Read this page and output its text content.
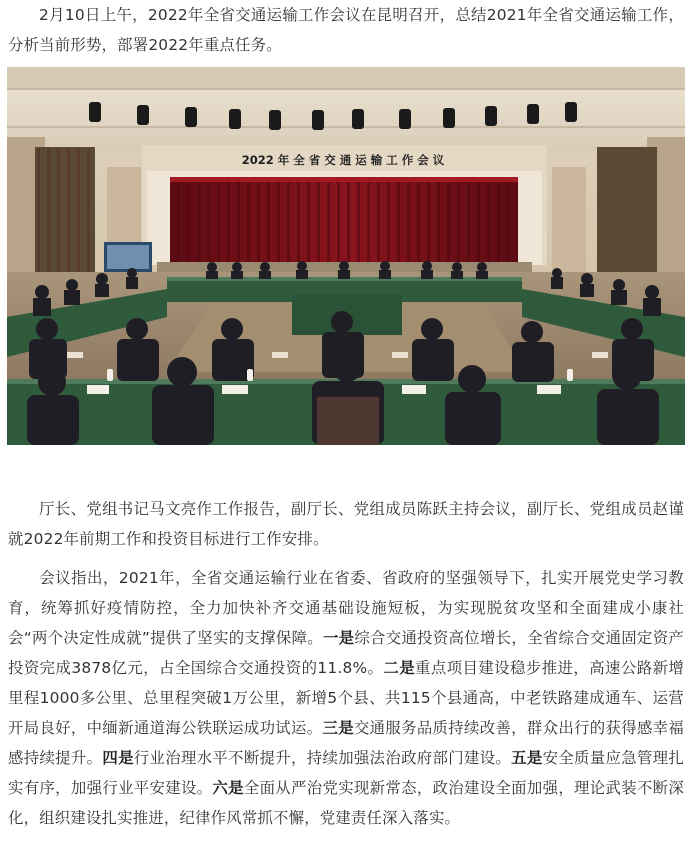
2月10日上午，2022年全省交通运输工作会议在昆明召开，总结2021年全省交通运输工作，分析当前形势，部署2022年重点任务。

2022 年 全 省 交 通 运 输 工 作 会 议

厅长、党组书记马文亮作工作报告，副厅长、党组成员陈跃主持会议，副厅长、党组成员赵谨就2022年前期工作和投资目标进行工作安排。

会议指出，2021年，全省交通运输行业在省委、省政府的坚强领导下，扎实开展党史学习教育，统筹抓好疫情防控，全力加快补齐交通基础设施短板，为实现脱贫攻坚和全面建成小康社会“两个决定性成就”提供了坚实的支撑保障。一是综合交通投资高位增长，全省综合交通固定资产投资完成3878亿元，占全国综合交通投资的11.8%。二是重点项目建设稳步推进，高速公路新增里程1000多公里、总里程突破1万公里，新增5个县、共115个县通高，中老铁路建成通车、运营开局良好，中缅新通道海公铁联运成功试运。三是交通服务品质持续改善，群众出行的获得感幸福感持续提升。四是行业治理水平不断提升，持续加强法治政府部门建设。五是安全质量应急管理扎实有序，加强行业平安建设。六是全面从严治党实现新常态，政治建设全面加强，理论武装不断深化，组织建设扎实推进，纪律作风常抓不懈，党建责任深入落实。
